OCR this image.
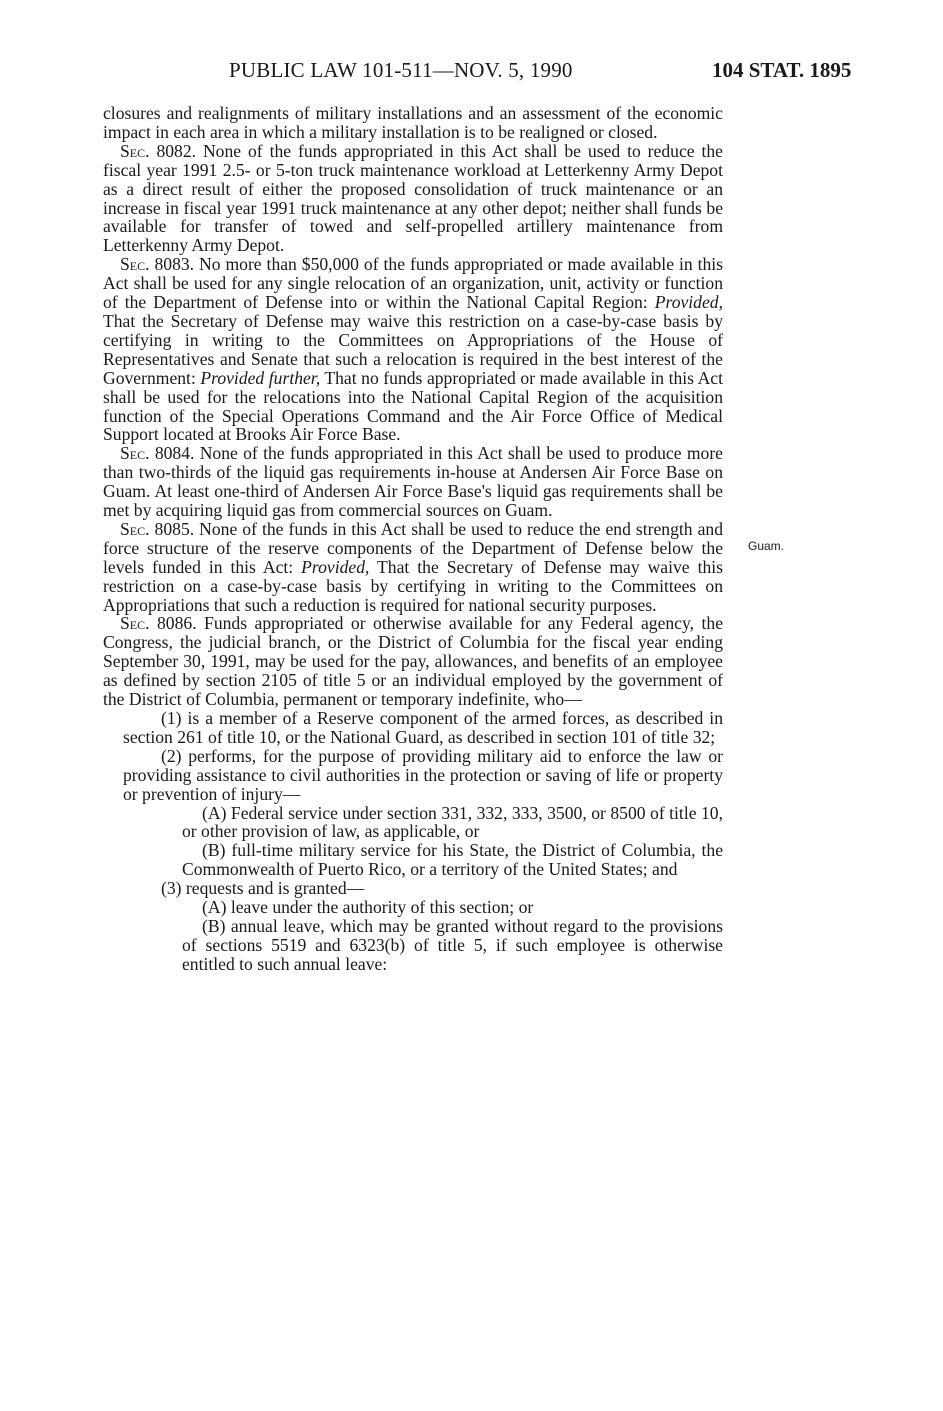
PUBLIC LAW 101-511—NOV. 5, 1990	104 STAT. 1895
Guam.

closures and realignments of military installations and an assessment of the economic impact in each area in which a military installation is to be realigned or closed.

Sec. 8082. None of the funds appropriated in this Act shall be used to reduce the fiscal year 1991 2.5- or 5-ton truck maintenance workload at Letterkenny Army Depot as a direct result of either the proposed consolidation of truck maintenance or an increase in fiscal year 1991 truck maintenance at any other depot; neither shall funds be available for transfer of towed and self-propelled artillery maintenance from Letterkenny Army Depot.

Sec. 8083. No more than $50,000 of the funds appropriated or made available in this Act shall be used for any single relocation of an organization, unit, activity or function of the Department of Defense into or within the National Capital Region: Provided, That the Secretary of Defense may waive this restriction on a case-by-case basis by certifying in writing to the Committees on Appropriations of the House of Representatives and Senate that such a relocation is required in the best interest of the Government: Provided further, That no funds appropriated or made available in this Act shall be used for the relocations into the National Capital Region of the acquisition function of the Special Operations Command and the Air Force Office of Medical Support located at Brooks Air Force Base.

Sec. 8084. None of the funds appropriated in this Act shall be used to produce more than two-thirds of the liquid gas requirements in-house at Andersen Air Force Base on Guam. At least one-third of Andersen Air Force Base's liquid gas requirements shall be met by acquiring liquid gas from commercial sources on Guam.

Sec. 8085. None of the funds in this Act shall be used to reduce the end strength and force structure of the reserve components of the Department of Defense below the levels funded in this Act: Provided, That the Secretary of Defense may waive this restriction on a case-by-case basis by certifying in writing to the Committees on Appropriations that such a reduction is required for national security purposes.

Sec. 8086. Funds appropriated or otherwise available for any Federal agency, the Congress, the judicial branch, or the District of Columbia for the fiscal year ending September 30, 1991, may be used for the pay, allowances, and benefits of an employee as defined by section 2105 of title 5 or an individual employed by the government of the District of Columbia, permanent or temporary indefinite, who—

(1) is a member of a Reserve component of the armed forces, as described in section 261 of title 10, or the National Guard, as described in section 101 of title 32;

(2) performs, for the purpose of providing military aid to enforce the law or providing assistance to civil authorities in the protection or saving of life or property or prevention of injury—

(A) Federal service under section 331, 332, 333, 3500, or 8500 of title 10, or other provision of law, as applicable, or

(B) full-time military service for his State, the District of Columbia, the Commonwealth of Puerto Rico, or a territory of the United States; and

(3) requests and is granted—

(A) leave under the authority of this section; or

(B) annual leave, which may be granted without regard to the provisions of sections 5519 and 6323(b) of title 5, if such employee is otherwise entitled to such annual leave:
